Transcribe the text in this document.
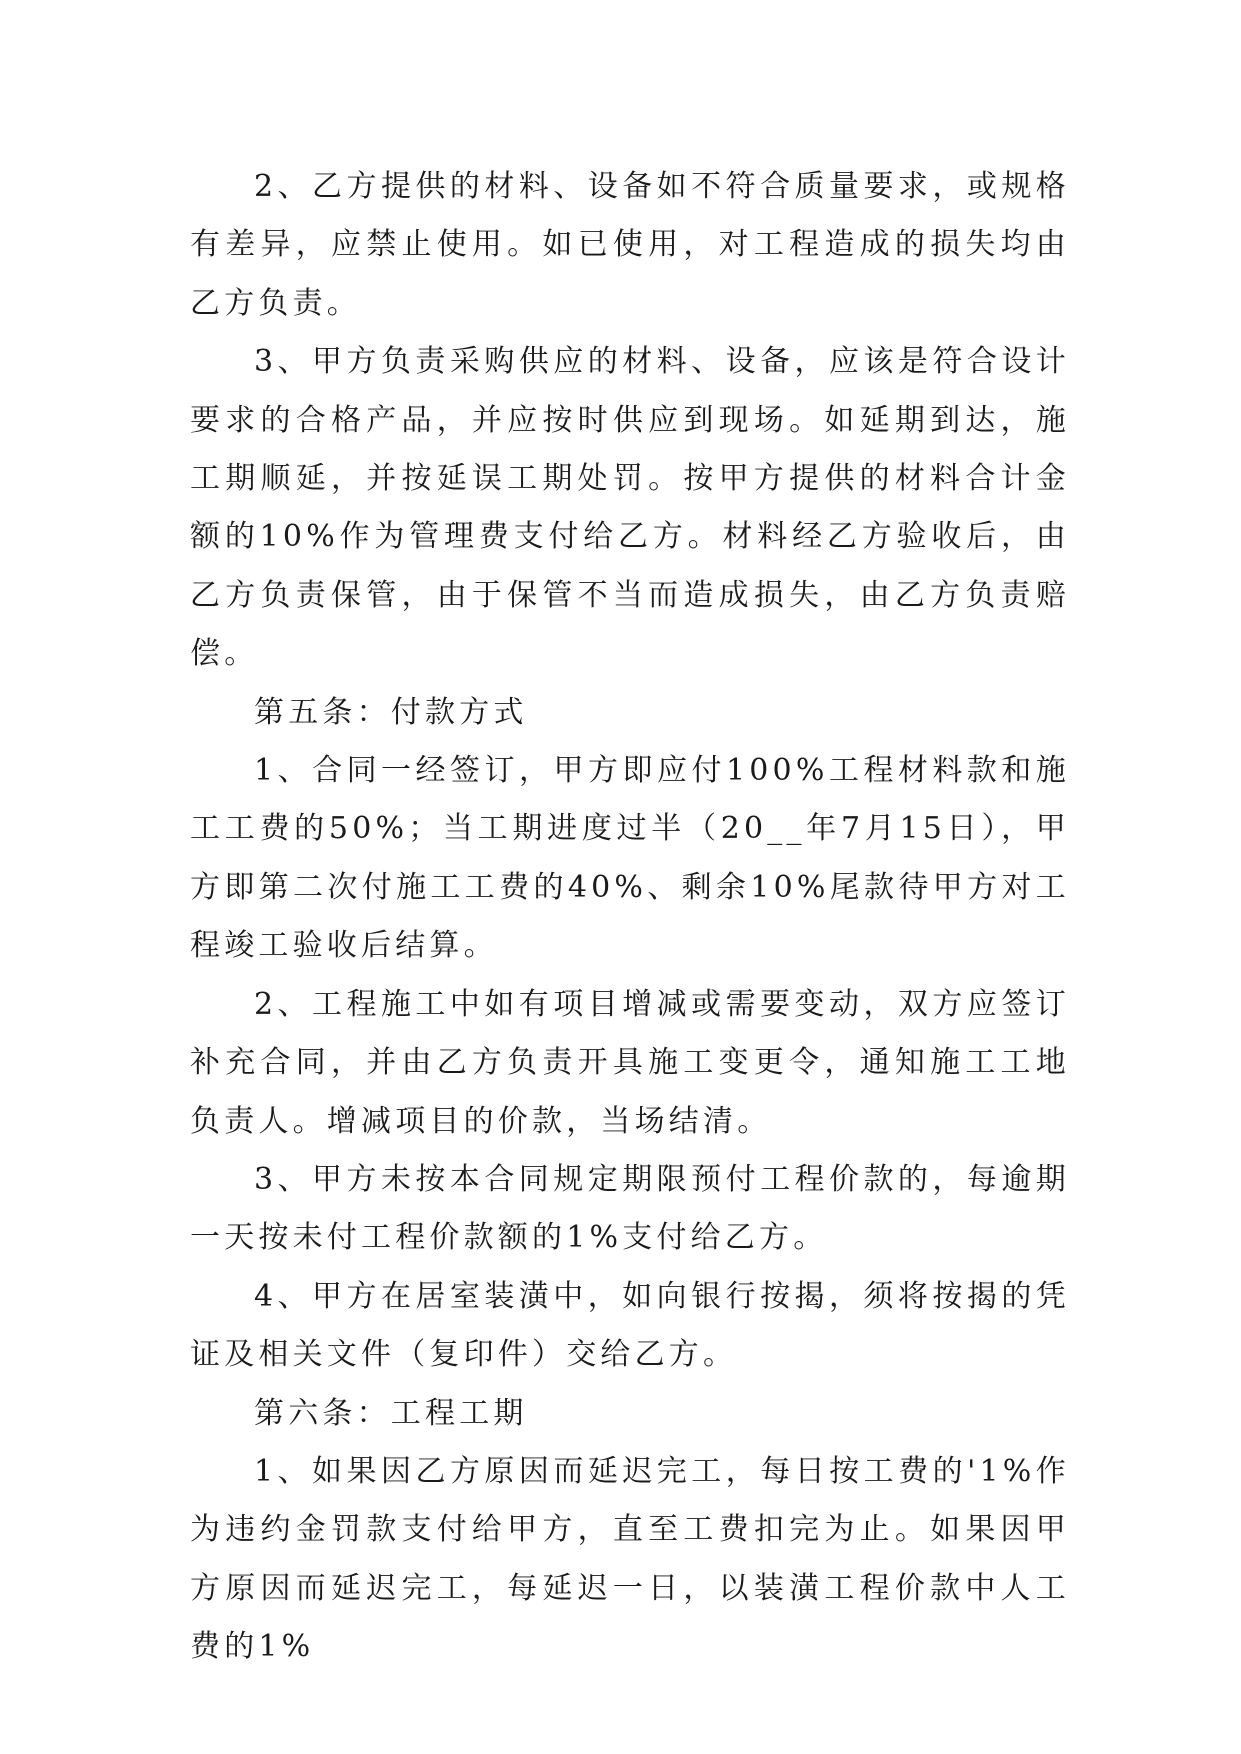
2、乙方提供的材料、设备如不符合质量要求，或规格有差异，应禁止使用。如已使用，对工程造成的损失均由乙方负责。

3、甲方负责采购供应的材料、设备，应该是符合设计要求的合格产品，并应按时供应到现场。如延期到达，施工期顺延，并按延误工期处罚。按甲方提供的材料合计金额的10%作为管理费支付给乙方。材料经乙方验收后，由乙方负责保管，由于保管不当而造成损失，由乙方负责赔偿。

第五条：付款方式

1、合同一经签订，甲方即应付100%工程材料款和施工工费的50%；当工期进度过半（20__年7月15日），甲方即第二次付施工工费的40%、剩余10%尾款待甲方对工程竣工验收后结算。

2、工程施工中如有项目增减或需要变动，双方应签订补充合同，并由乙方负责开具施工变更令，通知施工工地负责人。增减项目的价款，当场结清。

3、甲方未按本合同规定期限预付工程价款的，每逾期一天按未付工程价款额的1%支付给乙方。

4、甲方在居室装潢中，如向银行按揭，须将按揭的凭证及相关文件（复印件）交给乙方。

第六条：工程工期

1、如果因乙方原因而延迟完工，每日按工费的'1%作为违约金罚款支付给甲方，直至工费扣完为止。如果因甲方原因而延迟完工，每延迟一日，以装潢工程价款中人工费的1%
